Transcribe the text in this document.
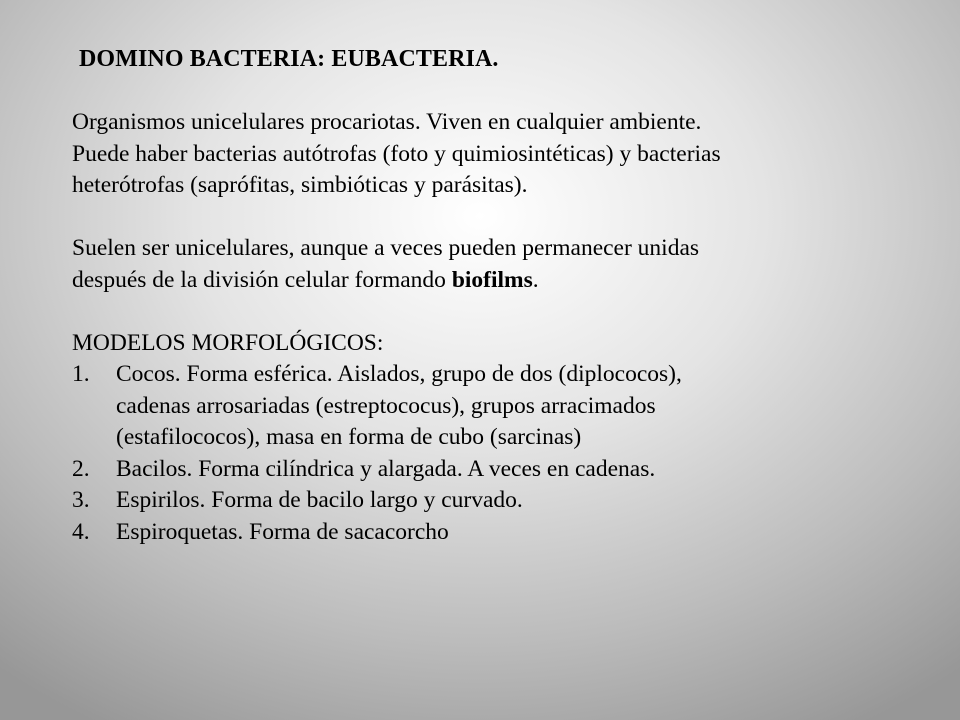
DOMINO BACTERIA: EUBACTERIA.

Organismos unicelulares procariotas. Viven en cualquier ambiente.

Puede haber bacterias autótrofas (foto y quimiosintéticas) y bacterias

heterótrofas (saprófitas, simbióticas y parásitas).

Suelen ser unicelulares, aunque a veces pueden permanecer unidas

después de la división celular formando biofilms.

MODELOS MORFOLÓGICOS:

1. Cocos. Forma esférica. Aislados, grupo de dos (diplococos),
cadenas arrosariadas (estreptococus), grupos arracimados
(estafilococos), masa en forma de cubo (sarcinas)
2. Bacilos. Forma cilíndrica y alargada. A veces en cadenas.
3. Espirilos. Forma de bacilo largo y curvado.
4. Espiroquetas. Forma de sacacorcho
